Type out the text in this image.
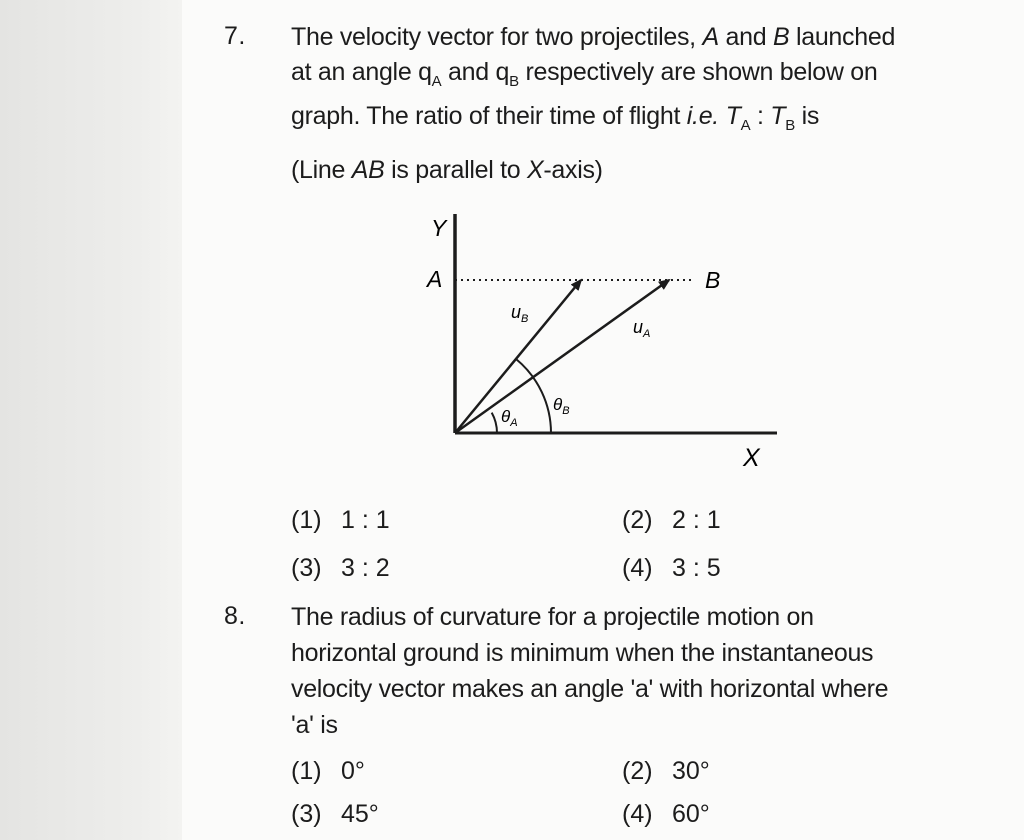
7. The velocity vector for two projectiles, A and B launched
at an angle $q_A$ and $q_B$ respectively are shown below on
graph. The ratio of their time of flight i.e. $T_A$ : $T_B$ is
(Line AB is parallel to X-axis)
Y
A	B
X
$u_B$	$u_A$
$\theta_A$
$\theta_B$
(1) 1 : 1	(2) 2 : 1
(3) 3 : 2	(4) 3 : 5
8. The radius of curvature for a projectile motion on
horizontal ground is minimum when the instantaneous
velocity vector makes an angle 'a' with horizontal where
'a' is
(1) 0°	(2) 30°
(3) 45°	(4) 60°
